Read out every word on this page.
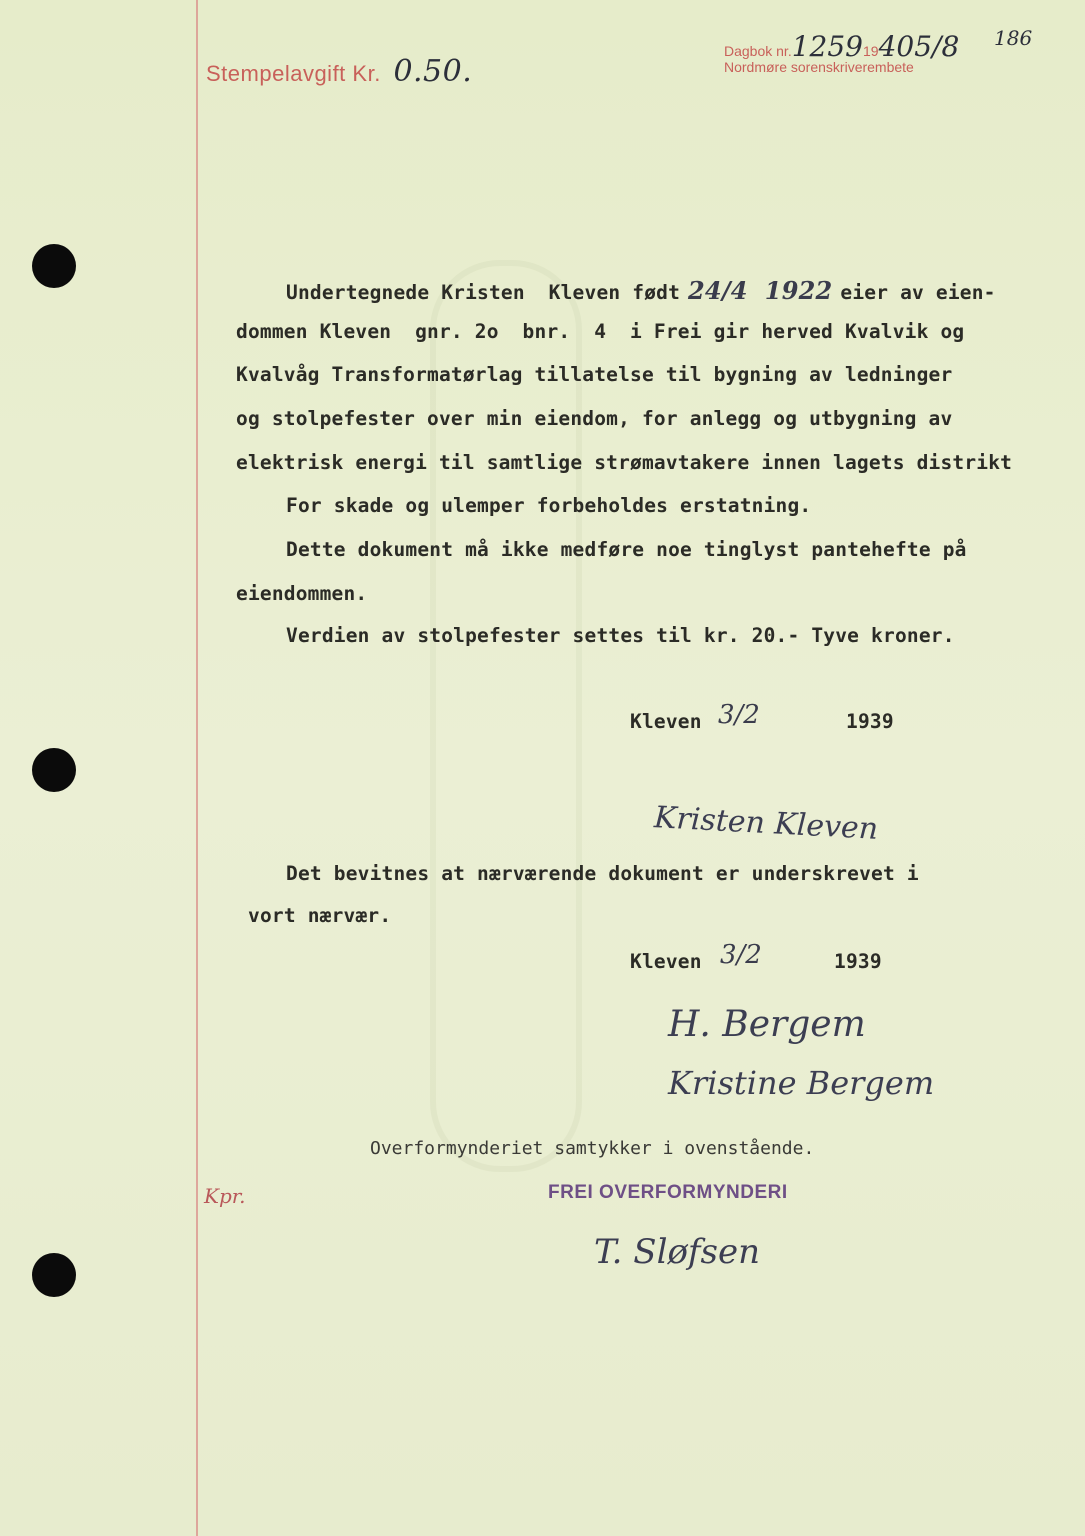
Stempelavgift Kr. 0.50.
Dagbok nr.125919405/8
Nordmøre sorenskriverembete
186
Undertegnede Kristen  Kleven født 24/4  1922 eier av eien-
dommen Kleven  gnr. 2o  bnr.  4  i Frei gir herved Kvalvik og
Kvalvåg Transformatørlag tillatelse til bygning av ledninger
og stolpefester over min eiendom, for anlegg og utbygning av
elektrisk energi til samtlige strømavtakere innen lagets distrikt
For skade og ulemper forbeholdes erstatning.
Dette dokument må ikke medføre noe tinglyst pantehefte på
eiendommen.
Verdien av stolpefester settes til kr. 20.- Tyve kroner.
Kleven 3/2	1939
Kristen Kleven
Det bevitnes at nærværende dokument er underskrevet i
vort nærvær.
Kleven 3/2	1939
H. Bergem
Kristine Bergem
Overformynderiet samtykker i ovenstående.
FREI OVERFORMYNDERI
T. Sløfsen
Kpr.
